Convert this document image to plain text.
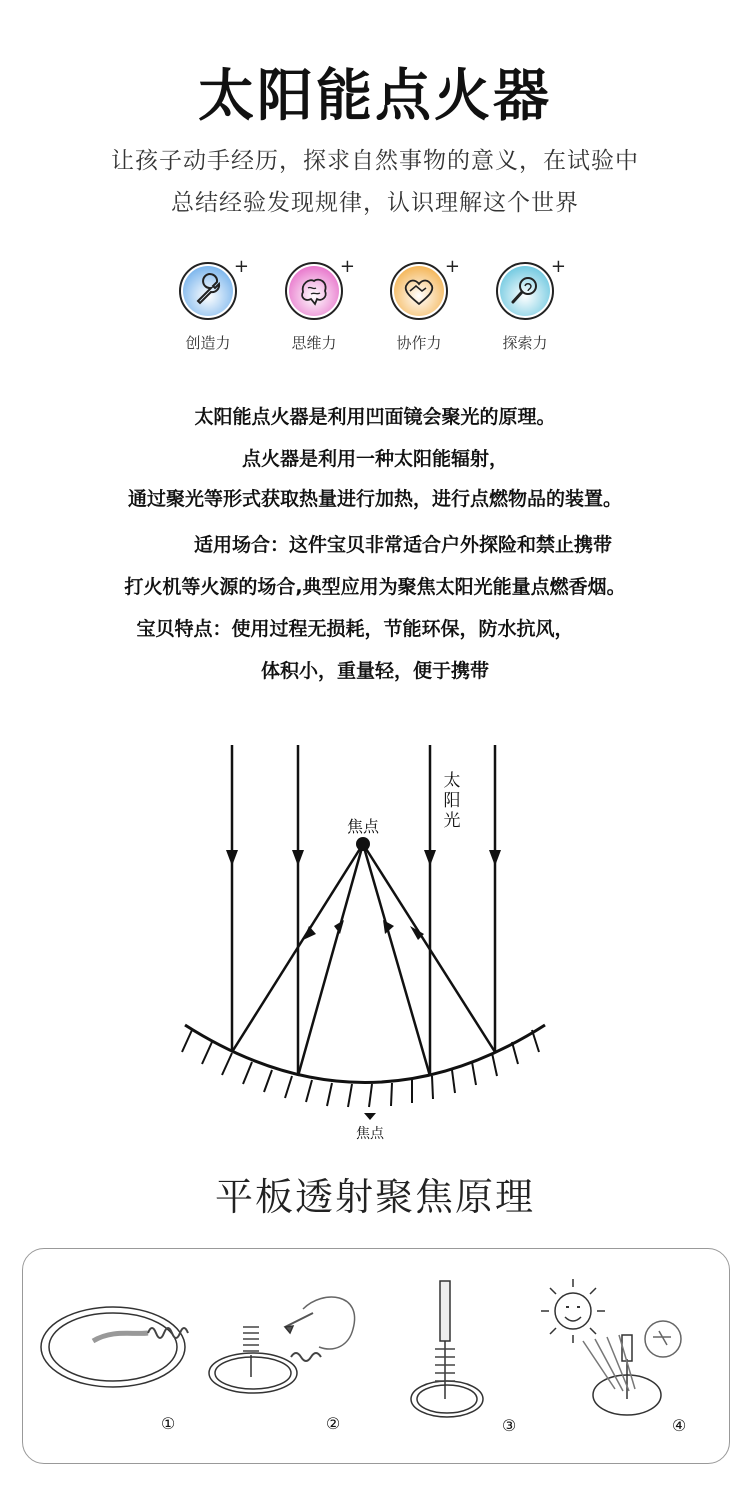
太阳能点火器
让孩子动手经历，探求自然事物的意义，在试验中
总结经验发现规律，认识理解这个世界
+
创造力
+
思维力
+
协作力
+
探索力
太阳能点火器是利用凹面镜会聚光的原理。
点火器是利用一种太阳能辐射，
通过聚光等形式获取热量进行加热，进行点燃物品的装置。
适用场合：这件宝贝非常适合户外探险和禁止携带
打火机等火源的场合,典型应用为聚焦太阳光能量点燃香烟。
宝贝特点：使用过程无损耗，节能环保，防水抗风，
体积小，重量轻，便于携带
焦点
太
阳
光
焦点
平板透射聚焦原理
①	②	③	④
